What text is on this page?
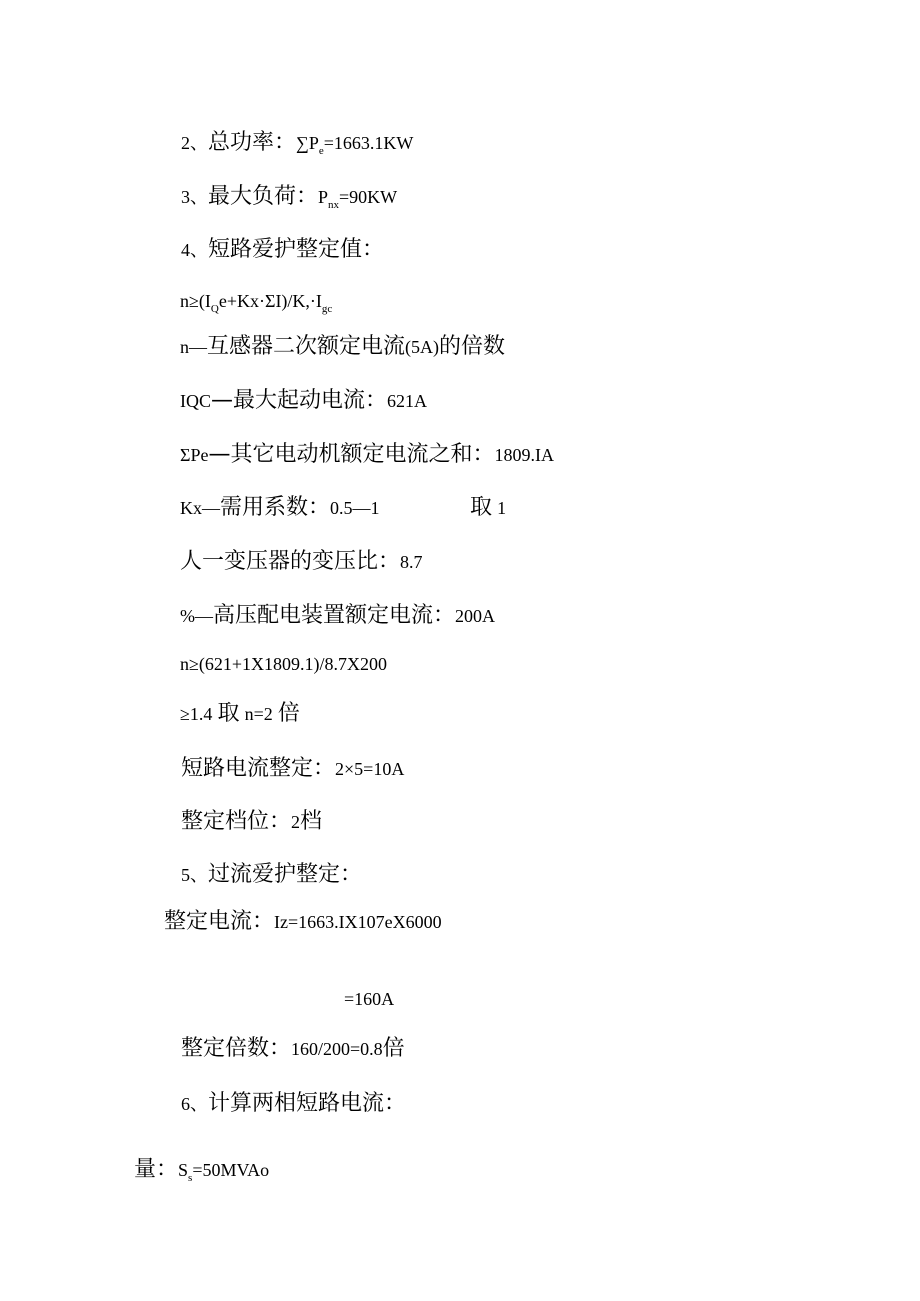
2、总功率：$\sum P_e=1663.1KW$
3、最大负荷：$P_{nx}=90KW$
4、短路爱护整定值：
$n\ge(I_Qe+Kx\cdot\Sigma I)/K,\cdot I_{gc}$
n—互感器二次额定电流(5A)的倍数
IQC—最大起动电流：621A
ΣPe—其它电动机额定电流之和：1809.IA
Kx—需用系数：0.5—1	取 1
人一变压器的变压比：8.7
%—高压配电装置额定电流：200A
n≥(621+1X1809.1)/8.7X200
≥1.4 取 n=2 倍
短路电流整定：2×5=10A
整定档位：2档
5、过流爱护整定：
整定电流：Iz=1663.IX107eX6000
=160A
整定倍数：160/200=0.8倍
6、计算两相短路电流：
量：$S_s=50MVAo$
